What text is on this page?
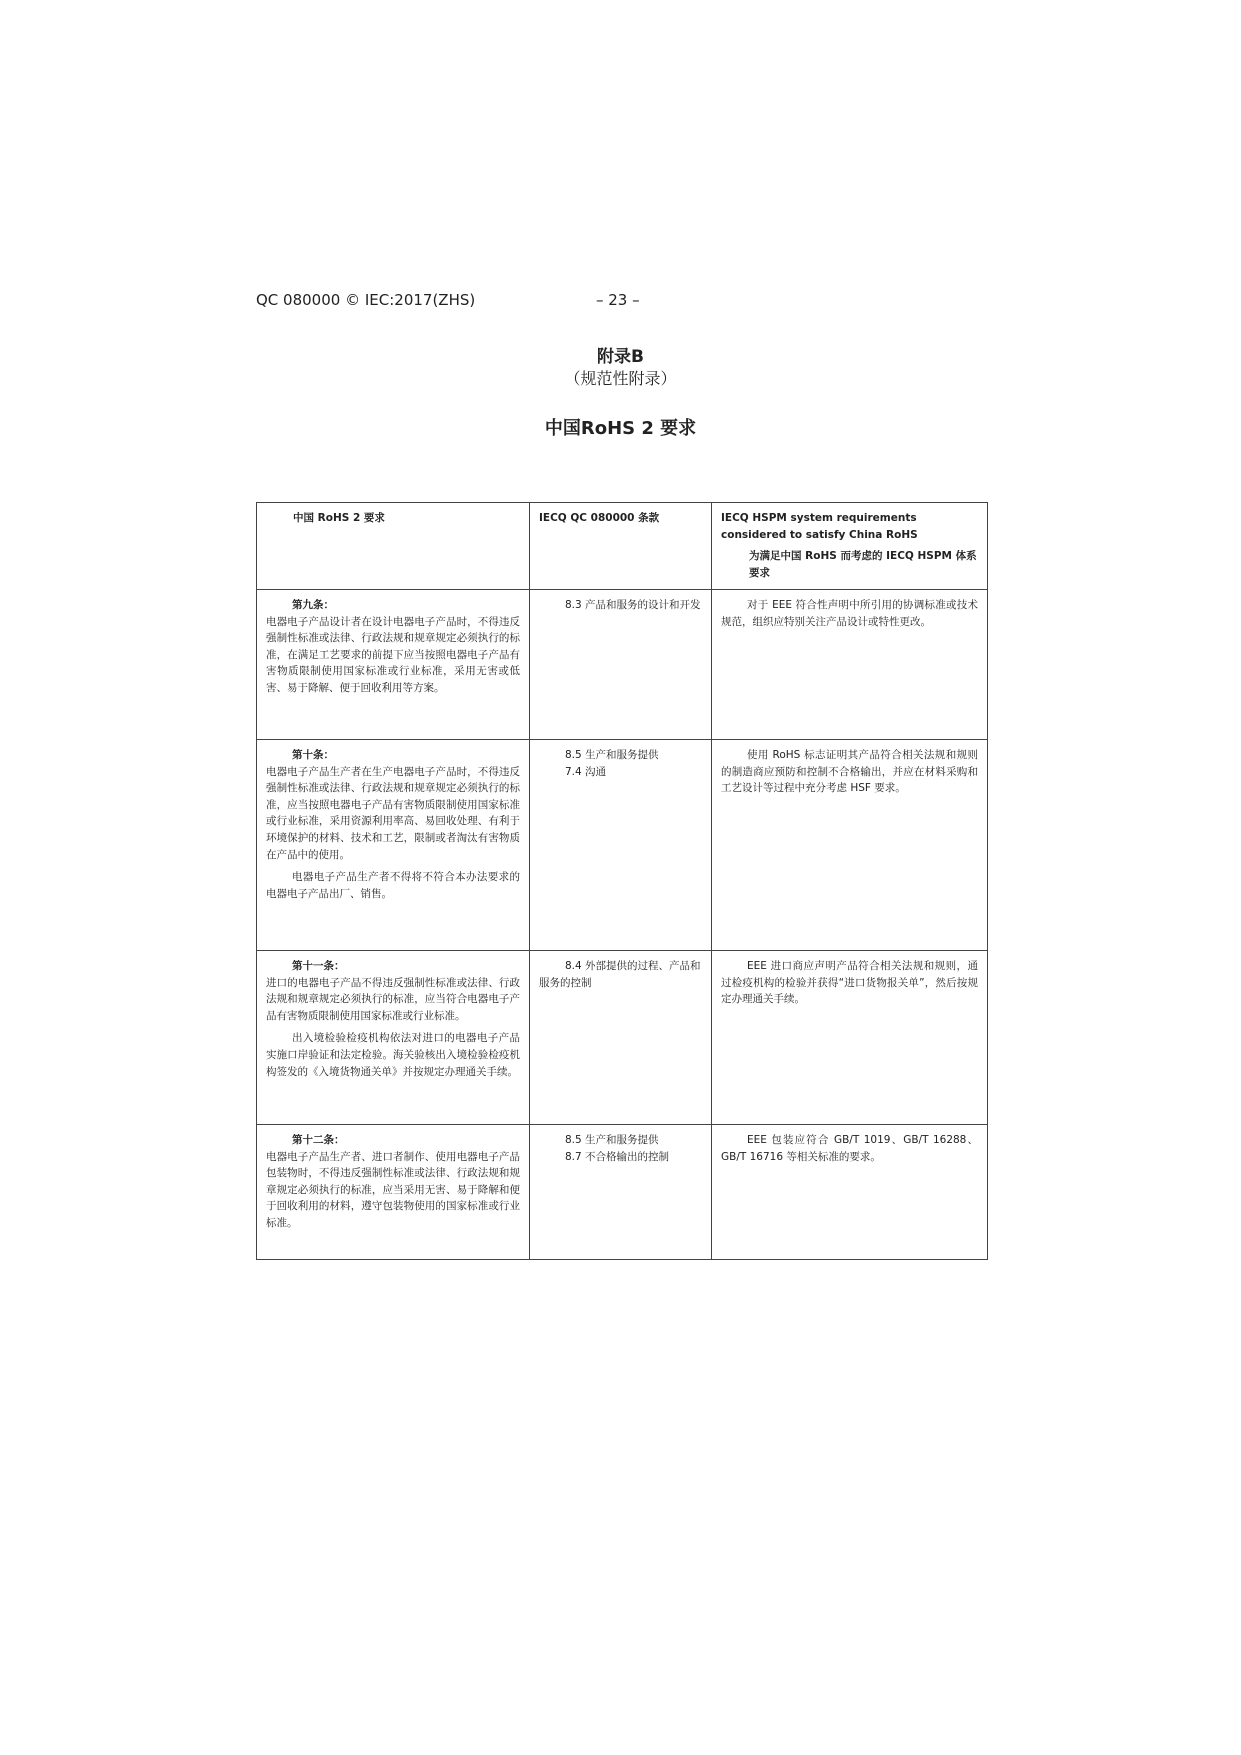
QC 080000 © IEC:2017(ZHS)	– 23 –
附录B
（规范性附录）
中国RoHS 2 要求
中国 RoHS 2 要求	IECQ QC 080000 条款	IECQ HSPM system requirements considered to satisfy China RoHS
为满足中国 RoHS 而考虑的 IECQ HSPM 体系要求

第九条：
电器电子产品设计者在设计电器电子产品时，不得违反强制性标准或法律、行政法规和规章规定必须执行的标准，在满足工艺要求的前提下应当按照电器电子产品有害物质限制使用国家标准或行业标准，采用无害或低害、易于降解、便于回收利用等方案。	8.3 产品和服务的设计和开发	对于 EEE 符合性声明中所引用的协调标准或技术规范，组织应特别关注产品设计或特性更改。

第十条：
电器电子产品生产者在生产电器电子产品时，不得违反强制性标准或法律、行政法规和规章规定必须执行的标准，应当按照电器电子产品有害物质限制使用国家标准或行业标准，采用资源利用率高、易回收处理、有利于环境保护的材料、技术和工艺，限制或者淘汰有害物质在产品中的使用。
电器电子产品生产者不得将不符合本办法要求的电器电子产品出厂、销售。	8.5 生产和服务提供
7.4 沟通	使用 RoHS 标志证明其产品符合相关法规和规则的制造商应预防和控制不合格输出，并应在材料采购和工艺设计等过程中充分考虑 HSF 要求。

第十一条：
进口的电器电子产品不得违反强制性标准或法律、行政法规和规章规定必须执行的标准，应当符合电器电子产品有害物质限制使用国家标准或行业标准。
出入境检验检疫机构依法对进口的电器电子产品实施口岸验证和法定检验。海关验核出入境检验检疫机构签发的《入境货物通关单》并按规定办理通关手续。	8.4 外部提供的过程、产品和服务的控制	EEE 进口商应声明产品符合相关法规和规则，通过检疫机构的检验并获得“进口货物报关单”，然后按规定办理通关手续。

第十二条：
电器电子产品生产者、进口者制作、使用电器电子产品包装物时，不得违反强制性标准或法律、行政法规和规章规定必须执行的标准，应当采用无害、易于降解和便于回收利用的材料，遵守包装物使用的国家标准或行业标准。	8.5 生产和服务提供
8.7 不合格输出的控制	EEE 包装应符合 GB/T 1019、GB/T 16288、GB/T 16716 等相关标准的要求。
